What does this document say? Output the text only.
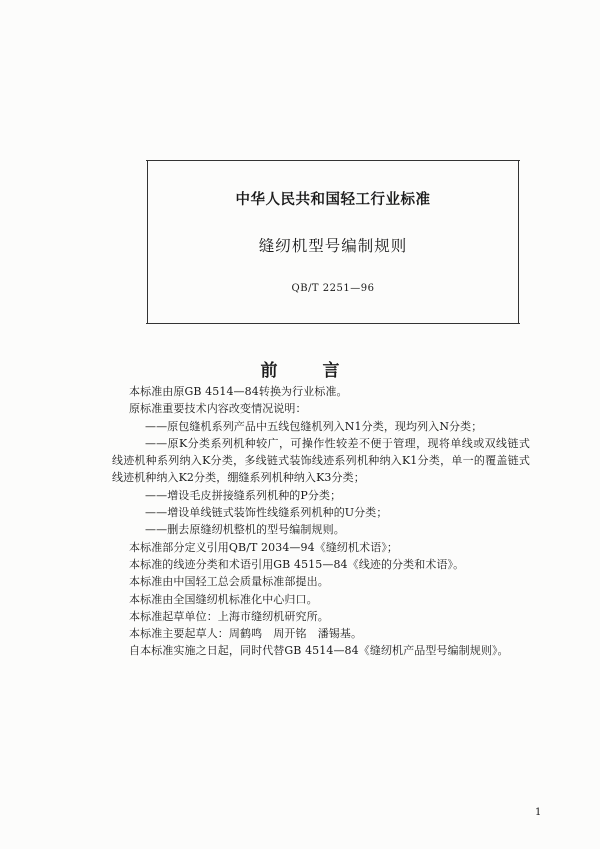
中华人民共和国轻工行业标准
缝纫机型号编制规则
QB/T 2251—96
前　言

本标准由原GB 4514—84转换为行业标准。

原标准重要技术内容改变情况说明：

——原包缝机系列产品中五线包缝机列入N1分类，现均列入N分类；

——原K分类系列机种较广，可操作性较差不便于管理，现将单线或双线链式线迹机种系列纳入K分类，多线链式装饰线迹系列机种纳入K1分类，单一的覆盖链式线迹机种纳入K2分类，绷缝系列机种纳入K3分类；

——增设毛皮拼接缝系列机种的P分类；

——增设单线链式装饰性线缝系列机种的U分类；

——删去原缝纫机整机的型号编制规则。

本标准部分定义引用QB/T 2034—94《缝纫机术语》；

本标准的线迹分类和术语引用GB 4515—84《线迹的分类和术语》。

本标准由中国轻工总会质量标准部提出。

本标准由全国缝纫机标准化中心归口。

本标准起草单位：上海市缝纫机研究所。

本标准主要起草人：周鹤鸣　周开铭　潘锡基。

自本标准实施之日起，同时代替GB 4514—84《缝纫机产品型号编制规则》。

1
